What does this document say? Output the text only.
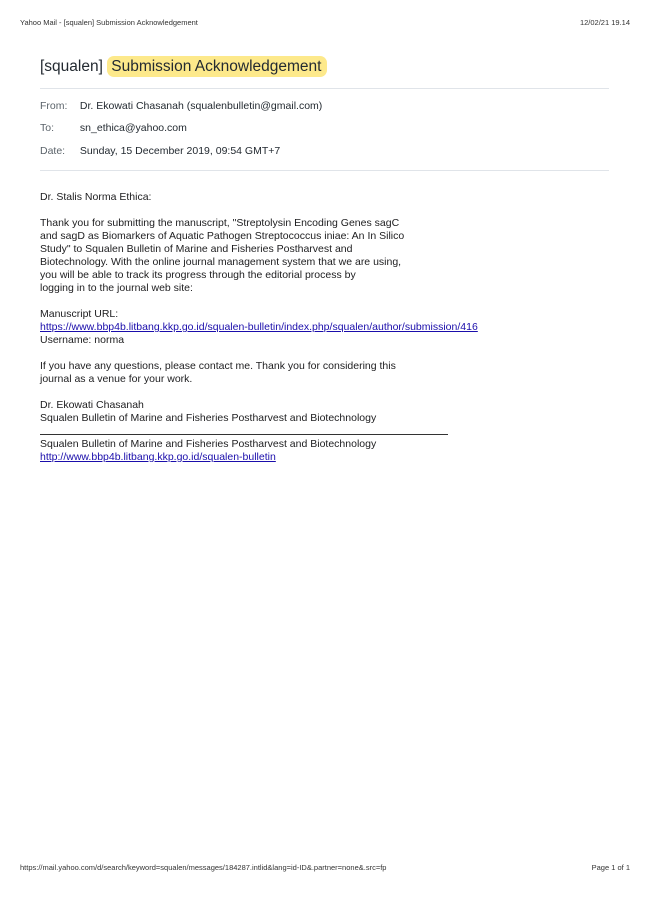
Yahoo Mail - [squalen] Submission Acknowledgement	12/02/21 19.14
[squalen] Submission Acknowledgement
From: Dr. Ekowati Chasanah (squalenbulletin@gmail.com)
To: sn_ethica@yahoo.com
Date: Sunday, 15 December 2019, 09:54 GMT+7

Dr. Stalis Norma Ethica:

Thank you for submitting the manuscript, "Streptolysin Encoding Genes sagC
and sagD as Biomarkers of Aquatic Pathogen Streptococcus iniae: An In Silico
Study" to Squalen Bulletin of Marine and Fisheries Postharvest and
Biotechnology. With the online journal management system that we are using,
you will be able to track its progress through the editorial process by
logging in to the journal web site:

Manuscript URL:
https://www.bbp4b.litbang.kkp.go.id/squalen-bulletin/index.php/squalen/author/submission/416
Username: norma

If you have any questions, please contact me. Thank you for considering this
journal as a venue for your work.

Dr. Ekowati Chasanah
Squalen Bulletin of Marine and Fisheries Postharvest and Biotechnology
Squalen Bulletin of Marine and Fisheries Postharvest and Biotechnology
http://www.bbp4b.litbang.kkp.go.id/squalen-bulletin
https://mail.yahoo.com/d/search/keyword=squalen/messages/184287.intlid&lang=id-ID&.partner=none&.src=fp	Page 1 of 1
